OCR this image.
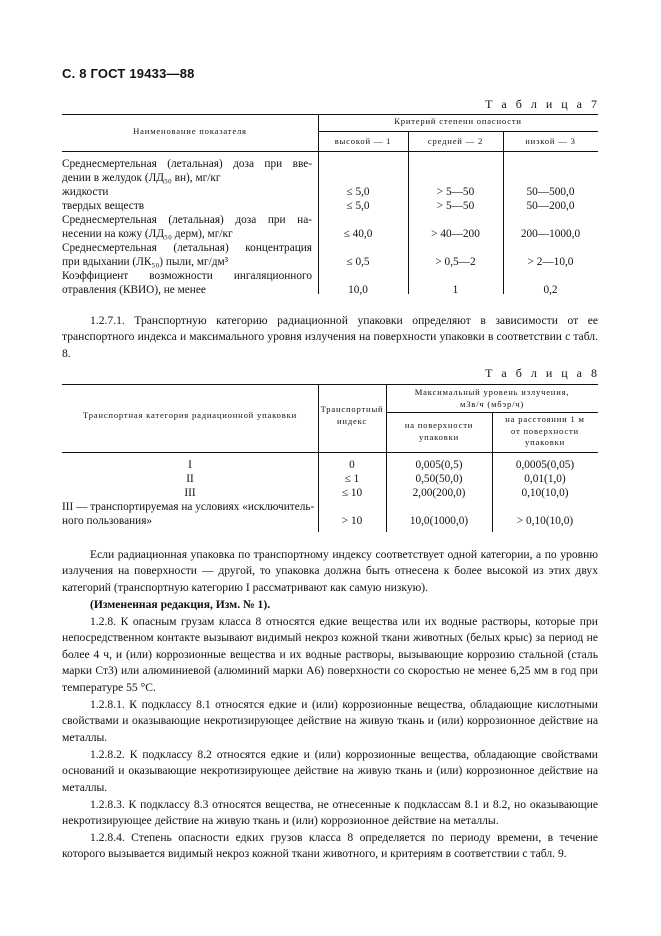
С. 8 ГОСТ 19433—88
Т а б л и ц а 7
Наименование показателя
Критерий степени опасности
высокой — 1	средней — 2	низкой — 3
Среднесмертельная (летальная) доза при вве-
дении в желудок (ЛД₅₀ вн), мг/кг
жидкости	≤ 5,0	> 5—50	50—500,0
твердых веществ	≤ 5,0	> 5—50	50—200,0
Среднесмертельная (летальная) доза при на-
несении на кожу (ЛД₅₀ дерм), мг/кг	≤ 40,0	> 40—200	200—1000,0
Среднесмертельная (летальная) концентрация
при вдыхании (ЛК₅₀) пыли, мг/дм³	≤ 0,5	> 0,5—2	> 2—10,0
Коэффициент возможности ингаляционного
отравления (КВИО), не менее	10,0	1	0,2
1.2.7.1. Транспортную категорию радиационной упаковки определяют в зависимости от ее транспортного индекса и максимального уровня излучения на поверхности упаковки в соответствии с табл. 8.
Т а б л и ц а 8
Транспортная категория радиационной упаковки
Транспортный
индекс
Максимальный уровень излучения,
мЗв/ч (мбэр/ч)
на поверхности
упаковки
на расстоянии 1 м
от поверхности
упаковки
I	0	0,005(0,5)	0,0005(0,05)
II	≤ 1	0,50(50,0)	0,01(1,0)
III	≤ 10	2,00(200,0)	0,10(10,0)
III — транспортируемая на условиях «исключитель-
ного пользования»	> 10	10,0(1000,0)	> 0,10(10,0)
Если радиационная упаковка по транспортному индексу соответствует одной категории, а по уровню излучения на поверхности — другой, то упаковка должна быть отнесена к более высокой из этих двух категорий (транспортную категорию I рассматривают как самую низкую).
(Измененная редакция, Изм. № 1).
1.2.8. К опасным грузам класса 8 относятся едкие вещества или их водные растворы, которые при непосредственном контакте вызывают видимый некроз кожной ткани животных (белых крыс) за период не более 4 ч, и (или) коррозионные вещества и их водные растворы, вызывающие коррозию стальной (сталь марки Ст3) или алюминиевой (алюминий марки А6) поверхности со скоростью не менее 6,25 мм в год при температуре 55 °С.
1.2.8.1. К подклассу 8.1 относятся едкие и (или) коррозионные вещества, обладающие кислотными свойствами и оказывающие некротизирующее действие на живую ткань и (или) коррозионное действие на металлы.
1.2.8.2. К подклассу 8.2 относятся едкие и (или) коррозионные вещества, обладающие свойствами оснований и оказывающие некротизирующее действие на живую ткань и (или) коррозионное действие на металлы.
1.2.8.3. К подклассу 8.3 относятся вещества, не отнесенные к подклассам 8.1 и 8.2, но оказывающие некротизирующее действие на живую ткань и (или) коррозионное действие на металлы.
1.2.8.4. Степень опасности едких грузов класса 8 определяется по периоду времени, в течение которого вызывается видимый некроз кожной ткани животного, и критериям в соответствии с табл. 9.
